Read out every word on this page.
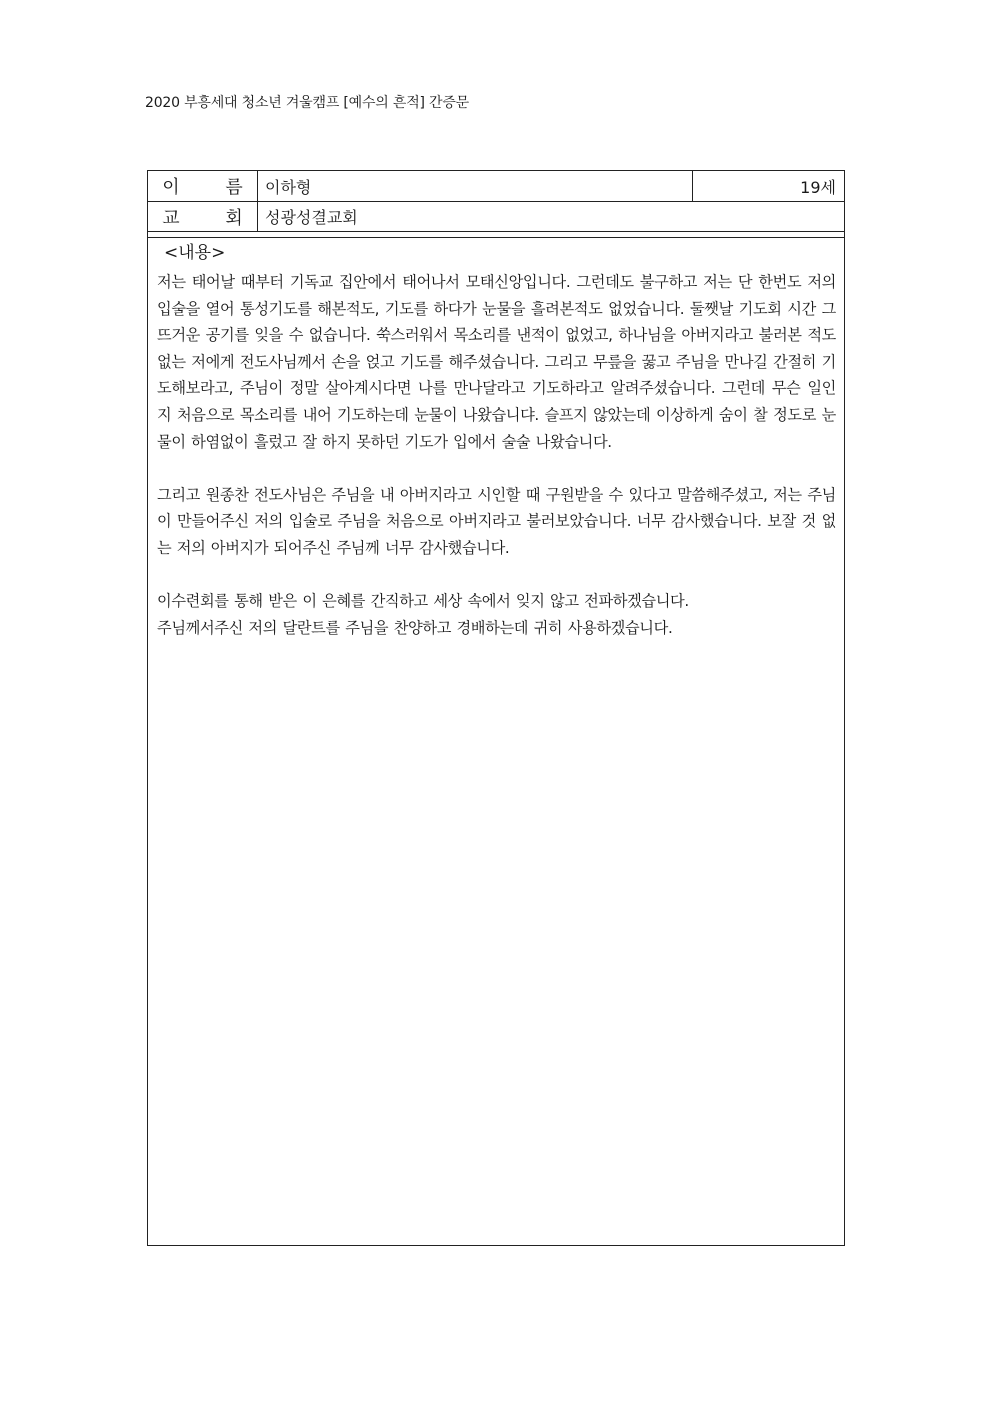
2020 부흥세대 청소년 겨울캠프 [예수의 흔적] 간증문
이 름 이하형	19세
교 회 성광성결교회
<내용>

저는 태어날 때부터 기독교 집안에서 태어나서 모태신앙입니다. 그런데도 불구하고 저는 단 한번도 저의 입술을 열어 통성기도를 해본적도, 기도를 하다가 눈물을 흘려본적도 없었습니다. 둘쨋날 기도회 시간 그 뜨거운 공기를 잊을 수 없습니다. 쑥스러워서 목소리를 낸적이 없었고, 하나님을 아버지라고 불러본 적도 없는 저에게 전도사님께서 손을 얹고 기도를 해주셨습니다. 그리고 무릎을 꿇고 주님을 만나길 간절히 기도해보라고, 주님이 정말 살아계시다면 나를 만나달라고 기도하라고 알려주셨습니다. 그런데 무슨 일인지 처음으로 목소리를 내어 기도하는데 눈물이 나왔습니댜. 슬프지 않았는데 이상하게 숨이 찰 정도로 눈물이 하염없이 흘렀고 잘 하지 못하던 기도가 입에서 술술 나왔습니다.

그리고 원종찬 전도사님은 주님을 내 아버지라고 시인할 때 구원받을 수 있다고 말씀해주셨고, 저는 주님이 만들어주신 저의 입술로 주님을 처음으로 아버지라고 불러보았습니다. 너무 감사했습니다. 보잘 것 없는 저의 아버지가 되어주신 주님께 너무 감사했습니다.

이수련회를 통해 받은 이 은혜를 간직하고 세상 속에서 잊지 않고 전파하겠습니다.

주님께서주신 저의 달란트를 주님을 찬양하고 경배하는데 귀히 사용하겠습니다.
